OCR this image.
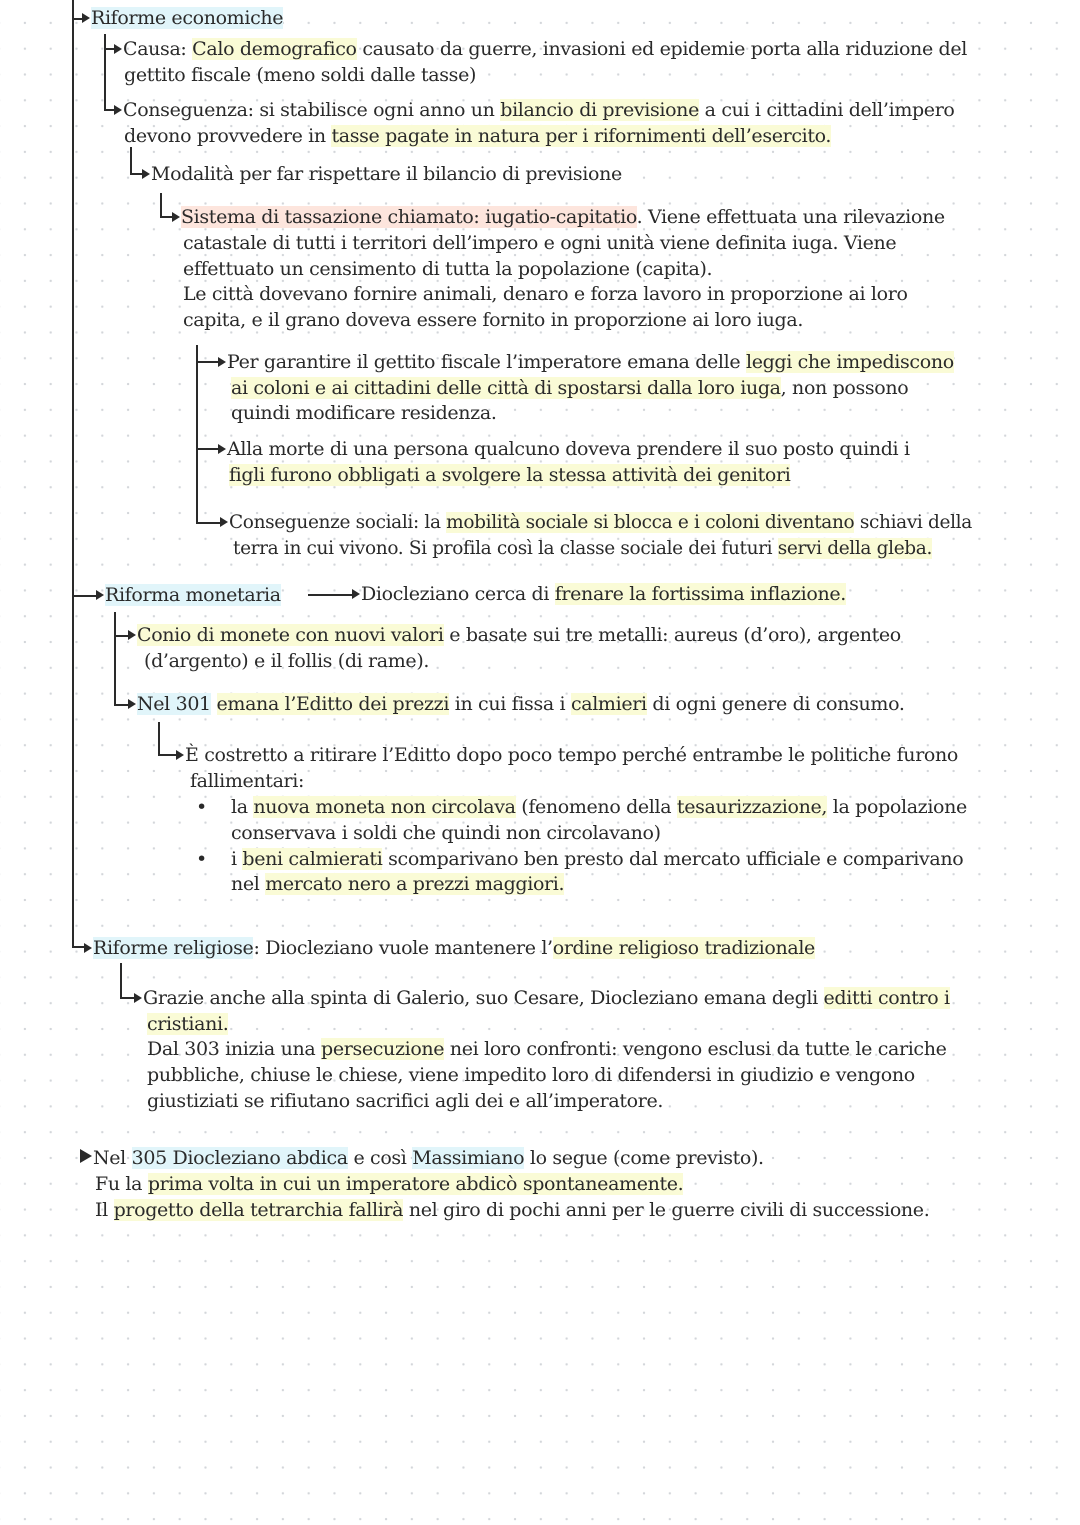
Riforme economiche
Causa: Calo demografico causato da guerre, invasioni ed epidemie porta alla riduzione del
gettito fiscale (meno soldi dalle tasse)
Conseguenza: si stabilisce ogni anno un bilancio di previsione a cui i cittadini dell’impero
devono provvedere in tasse pagate in natura per i rifornimenti dell’esercito.
Modalità per far rispettare il bilancio di previsione
Sistema di tassazione chiamato: iugatio-capitatio. Viene effettuata una rilevazione
catastale di tutti i territori dell’impero e ogni unità viene definita iuga. Viene
effettuato un censimento di tutta la popolazione (capita).
Le città dovevano fornire animali, denaro e forza lavoro in proporzione ai loro
capita, e il grano doveva essere fornito in proporzione ai loro iuga.
Per garantire il gettito fiscale l’imperatore emana delle leggi che impediscono
ai coloni e ai cittadini delle città di spostarsi dalla loro iuga, non possono
quindi modificare residenza.
Alla morte di una persona qualcuno doveva prendere il suo posto quindi i
figli furono obbligati a svolgere la stessa attività dei genitori
Conseguenze sociali: la mobilità sociale si blocca e i coloni diventano schiavi della
terra in cui vivono. Si profila così la classe sociale dei futuri servi della gleba.
Riforma monetaria	Diocleziano cerca di frenare la fortissima inflazione.
Conio di monete con nuovi valori e basate sui tre metalli: aureus (d’oro), argenteo
(d’argento) e il follis (di rame).
Nel 301 emana l’Editto dei prezzi in cui fissa i calmieri di ogni genere di consumo.
È costretto a ritirare l’Editto dopo poco tempo perché entrambe le politiche furono
fallimentari:
• la nuova moneta non circolava (fenomeno della tesaurizzazione, la popolazione
conservava i soldi che quindi non circolavano)
• i beni calmierati scomparivano ben presto dal mercato ufficiale e comparivano
nel mercato nero a prezzi maggiori.
Riforme religiose: Diocleziano vuole mantenere l’ordine religioso tradizionale
Grazie anche alla spinta di Galerio, suo Cesare, Diocleziano emana degli editti contro i
cristiani.
Dal 303 inizia una persecuzione nei loro confronti: vengono esclusi da tutte le cariche
pubbliche, chiuse le chiese, viene impedito loro di difendersi in giudizio e vengono
giustiziati se rifiutano sacrifici agli dei e all’imperatore.
Nel 305 Diocleziano abdica e così Massimiano lo segue (come previsto).
Fu la prima volta in cui un imperatore abdicò spontaneamente.
Il progetto della tetrarchia fallirà nel giro di pochi anni per le guerre civili di successione.
